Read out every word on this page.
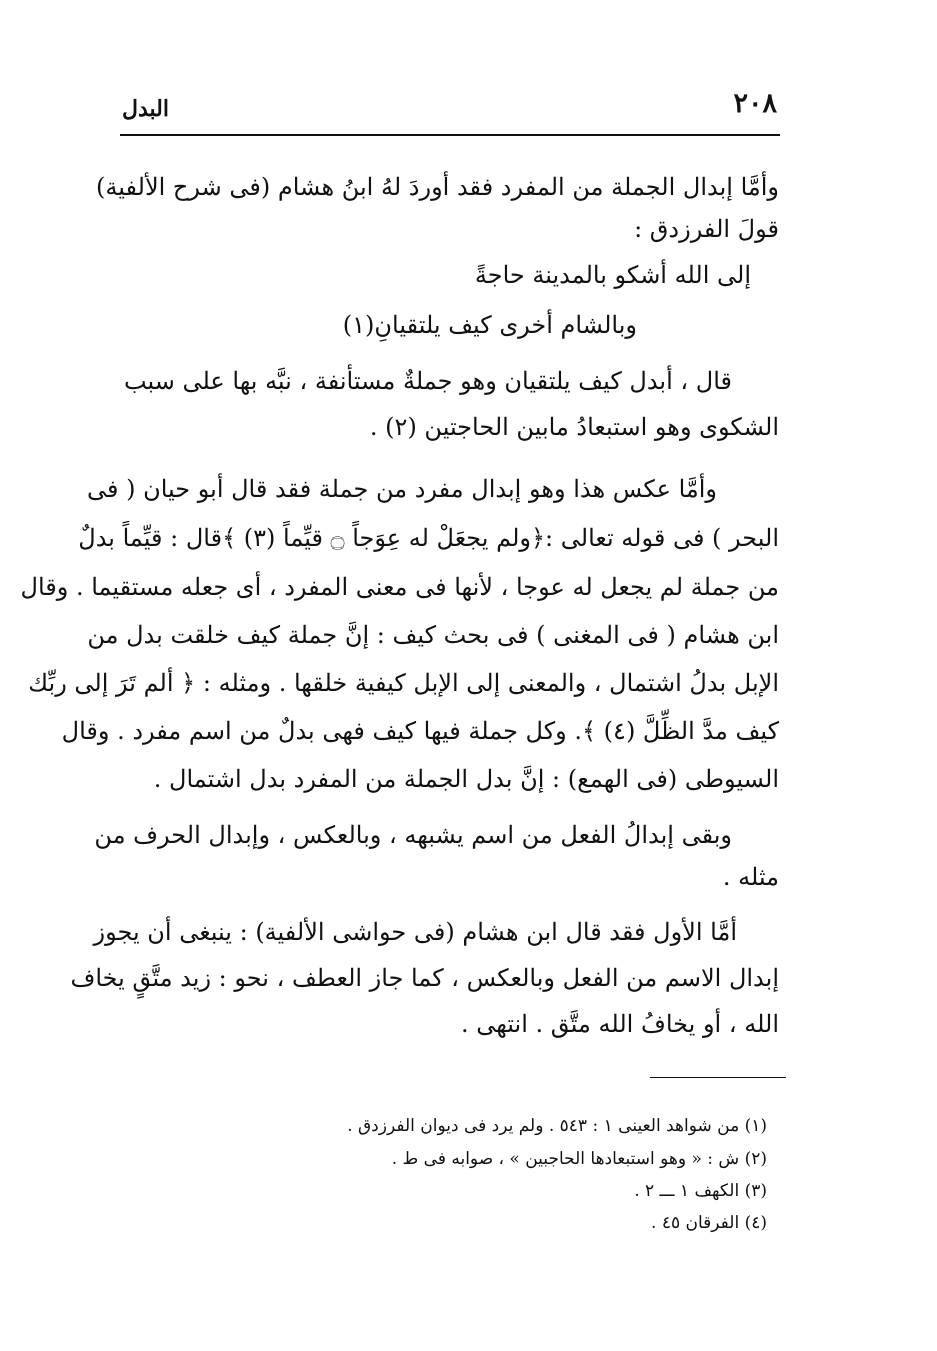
٢٠٨
البدل
وأمَّا إبدال الجملة من المفرد فقد أوردَ لهُ ابنُ هشام (فى شرح الألفية)
قولَ الفرزدق :
إلى الله أشكو بالمدينة حاجةً
وبالشام أخرى كيف يلتقيانِ(١)
قال ، أبدل كيف يلتقيان وهو جملةٌ مستأنفة ، نبَّه بها على سبب
الشكوى وهو استبعادُ مابين الحاجتين (٢) .
وأمَّا عكس هذا وهو إبدال مفرد من جملة فقد قال أبو حيان ( فى
البحر ) فى قوله تعالى :﴿ولم يجعَلْ له عِوَجاً ۝ قيِّماً (٣) ﴾قال : قيِّماً بدلٌ
من جملة لم يجعل له عوجا ، لأنها فى معنى المفرد ، أى جعله مستقيما . وقال
ابن هشام ( فى المغنى ) فى بحث كيف : إنَّ جملة كيف خلقت بدل من
الإبل بدلُ اشتمال ، والمعنى إلى الإبل كيفية خلقها . ومثله : ﴿ ألم تَرَ إلى ربِّك
كيف مدَّ الظِّلَّ (٤) ﴾. وكل جملة فيها كيف فهى بدلٌ من اسم مفرد . وقال
السيوطى (فى الهمع) : إنَّ بدل الجملة من المفرد بدل اشتمال .
وبقى إبدالُ الفعل من اسم يشبهه ، وبالعكس ، وإبدال الحرف من
مثله .
أمَّا الأول فقد قال ابن هشام (فى حواشى الألفية) : ينبغى أن يجوز
إبدال الاسم من الفعل وبالعكس ، كما جاز العطف ، نحو : زيد متَّقٍ يخاف
الله ، أو يخافُ الله متَّق . انتهى .
(١) من شواهد العينى ١ : ٥٤٣ . ولم يرد فى ديوان الفرزدق .
(٢) ش : « وهو استبعادها الحاجبين » ، صوابه فى ط .
(٣) الكهف ١ ـــ ٢ .
(٤) الفرقان ٤٥ .
